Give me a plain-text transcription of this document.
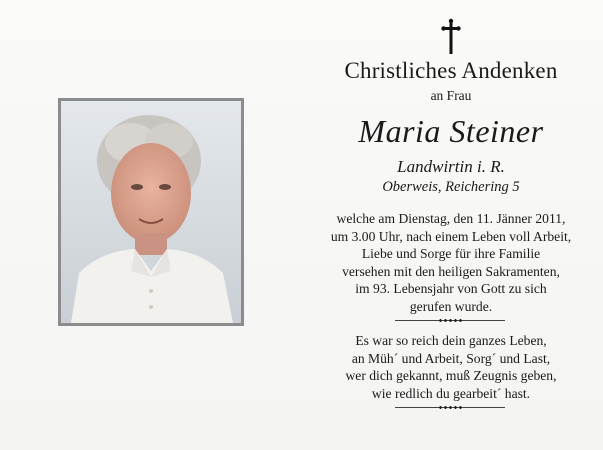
Christliches Andenken
an Frau
Maria Steiner
Landwirtin i. R.
Oberweis, Reichering 5
welche am Dienstag, den 11. Jänner 2011,
um 3.00 Uhr, nach einem Leben voll Arbeit,
Liebe und Sorge für ihre Familie
versehen mit den heiligen Sakramenten,
im 93. Lebensjahr von Gott zu sich
gerufen wurde.
Es war so reich dein ganzes Leben,
an Müh´ und Arbeit, Sorg´ und Last,
wer dich gekannt, muß Zeugnis geben,
wie redlich du gearbeit´ hast.
